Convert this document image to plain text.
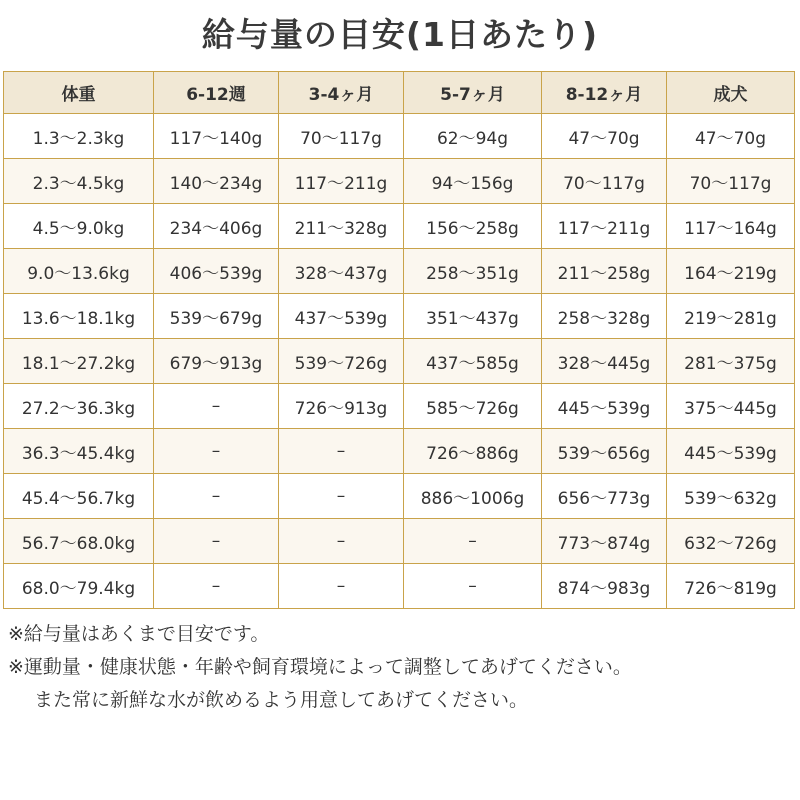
給与量の目安(1日あたり)
体重	6-12週	3-4ヶ月	5-7ヶ月	8-12ヶ月	成犬
1.3〜2.3kg	117〜140g	70〜117g	62〜94g	47〜70g	47〜70g
2.3〜4.5kg	140〜234g	117〜211g	94〜156g	70〜117g	70〜117g
4.5〜9.0kg	234〜406g	211〜328g	156〜258g	117〜211g	117〜164g
9.0〜13.6kg	406〜539g	328〜437g	258〜351g	211〜258g	164〜219g
13.6〜18.1kg	539〜679g	437〜539g	351〜437g	258〜328g	219〜281g
18.1〜27.2kg	679〜913g	539〜726g	437〜585g	328〜445g	281〜375g
27.2〜36.3kg	–	726〜913g	585〜726g	445〜539g	375〜445g
36.3〜45.4kg	–	–	726〜886g	539〜656g	445〜539g
45.4〜56.7kg	–	–	886〜1006g	656〜773g	539〜632g
56.7〜68.0kg	–	–	–	773〜874g	632〜726g
68.0〜79.4kg	–	–	–	874〜983g	726〜819g
※給与量はあくまで目安です。
※運動量・健康状態・年齢や飼育環境によって調整してあげてください。
また常に新鮮な水が飲めるよう用意してあげてください。
